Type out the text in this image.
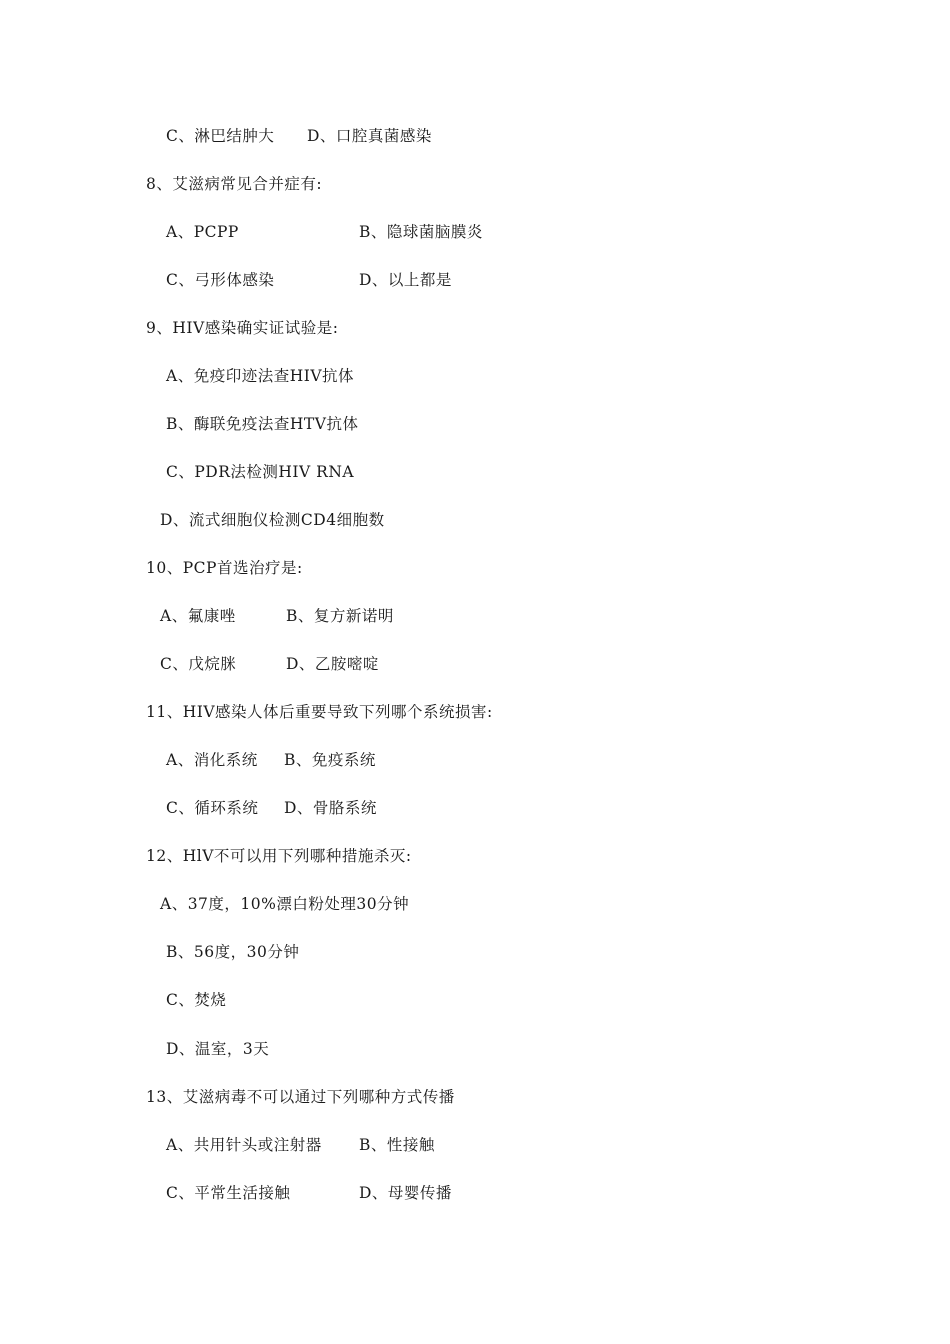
C、淋巴结肿大 D、口腔真菌感染
8、艾滋病常见合并症有:
A、PCPP	B、隐球菌脑膜炎
C、弓形体感染	D、以上都是
9、HIV感染确实证试验是:
A、免疫印迹法查HIV抗体
B、酶联免疫法查HTV抗体
C、PDR法检测HIV RNA
D、流式细胞仪检测CD4细胞数
10、PCP首选治疗是:
A、氟康唑	B、复方新诺明
C、戊烷脒	D、乙胺嘧啶
11、HIV感染人体后重要导致下列哪个系统损害:
A、消化系统 B、免疫系统
C、循环系统 D、骨胳系统
12、HlV不可以用下列哪种措施杀灭:
A、37度，10%漂白粉处理30分钟
B、56度，30分钟
C、焚烧
D、温室，3天
13、艾滋病毒不可以通过下列哪种方式传播
A、共用针头或注射器 B、性接触
C、平常生活接触	D、母婴传播
